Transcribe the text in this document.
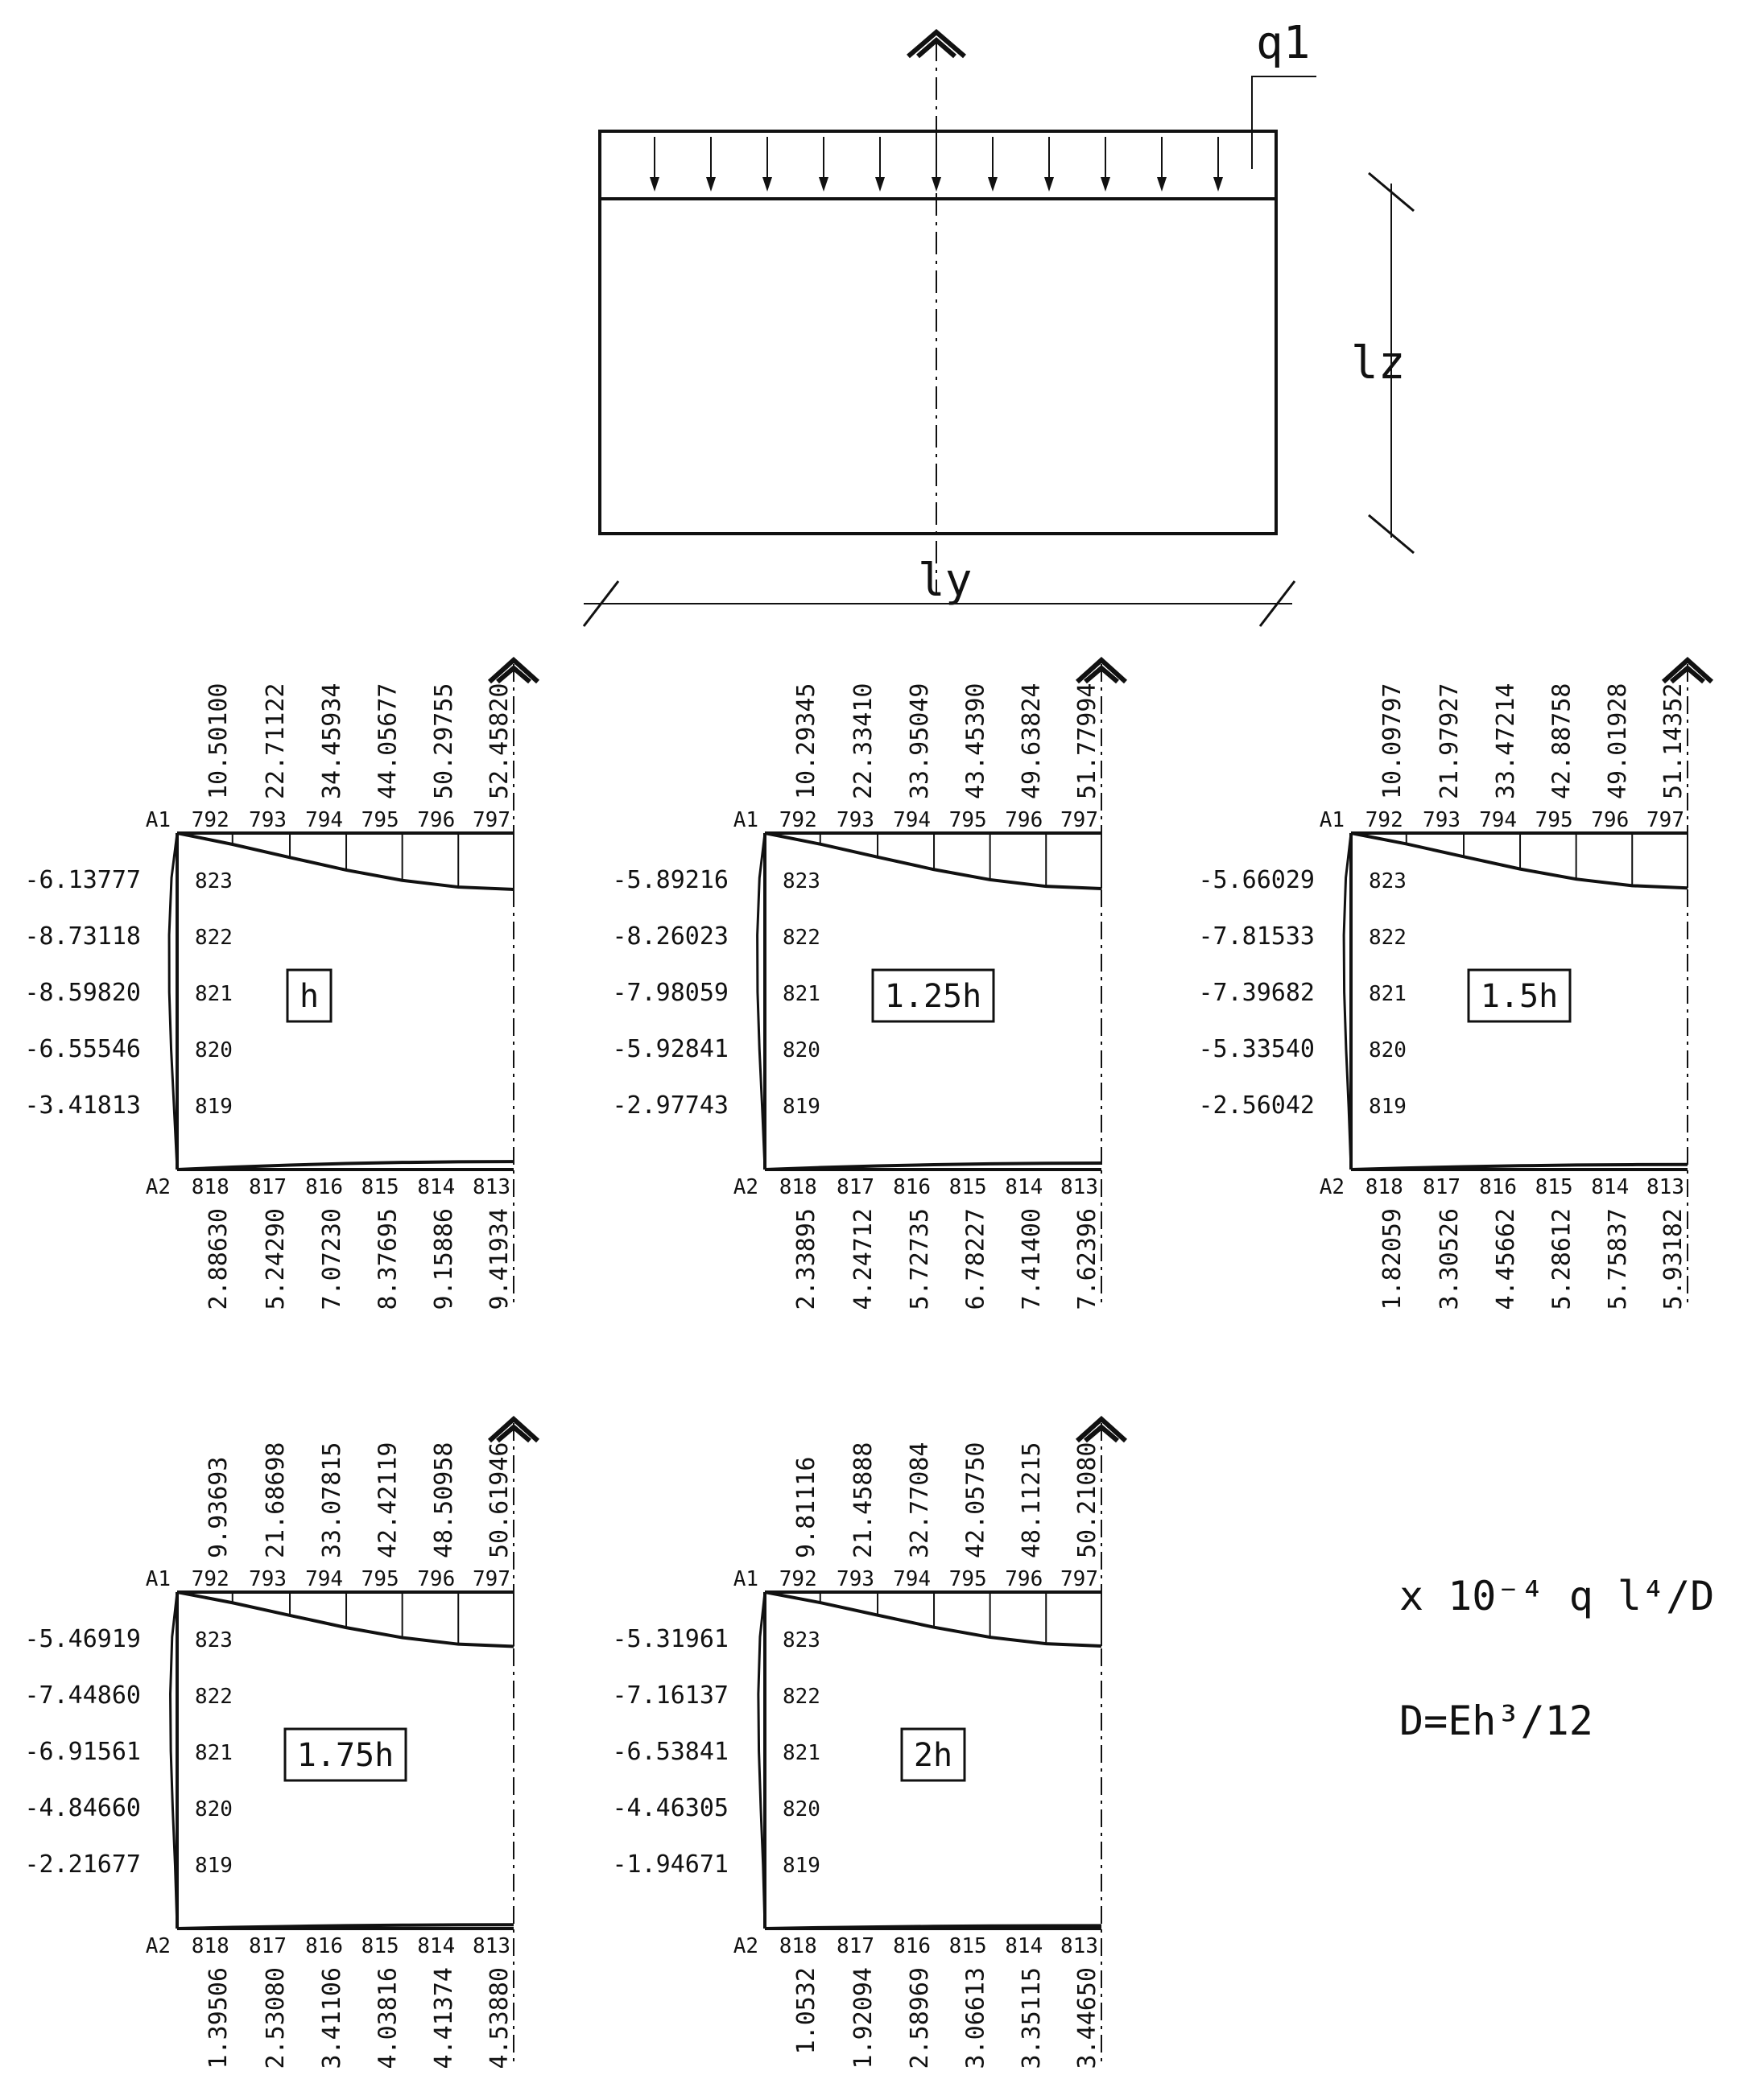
q1
lz
ly
A1
A2
792 793 794 795 796 797
10.50100 22.71122 34.45934 44.05677 50.29755 52.45820
818 817 816 815 814 813
2.88630 5.24290 7.07230 8.37695 9.15886 9.41934
823
822
821
820
819
-6.13777
-8.73118
-8.59820
-6.55546
-3.41813
h
A1
A2
792 793 794 795 796 797
10.29345 22.33410 33.95049 43.45390 49.63824 51.77994
818 817 816 815 814 813
2.33895 4.24712 5.72735 6.78227 7.41400 7.62396
823
822
821
820
819
-5.89216
-8.26023
-7.98059
-5.92841
-2.97743
1.25h
A1
A2
792 793 794 795 796 797
10.09797 21.97927 33.47214 42.88758 49.01928 51.14352
818 817 816 815 814 813
1.82059 3.30526 4.45662 5.28612 5.75837 5.93182
823
822
821
820
819
-5.66029
-7.81533
-7.39682
-5.33540
-2.56042
1.5h
A1
A2
792 793 794 795 796 797
9.93693 21.68698 33.07815 42.42119 48.50958 50.61946
818 817 816 815 814 813
1.39506 2.53080 3.41106 4.03816 4.41374 4.53880
823
822
821
820
819
-5.46919
-7.44860
-6.91561
-4.84660
-2.21677
1.75h
A1
A2
792 793 794 795 796 797
9.81116 21.45888 32.77084 42.05750 48.11215 50.21080
818 817 816 815 814 813
1.0532 1.92094 2.58969 3.06613 3.35115 3.44650
823
822
821
820
819
-5.31961
-7.16137
-6.53841
-4.46305
-1.94671
2h
x 10⁻⁴ q l⁴/D
D=Eh³/12
